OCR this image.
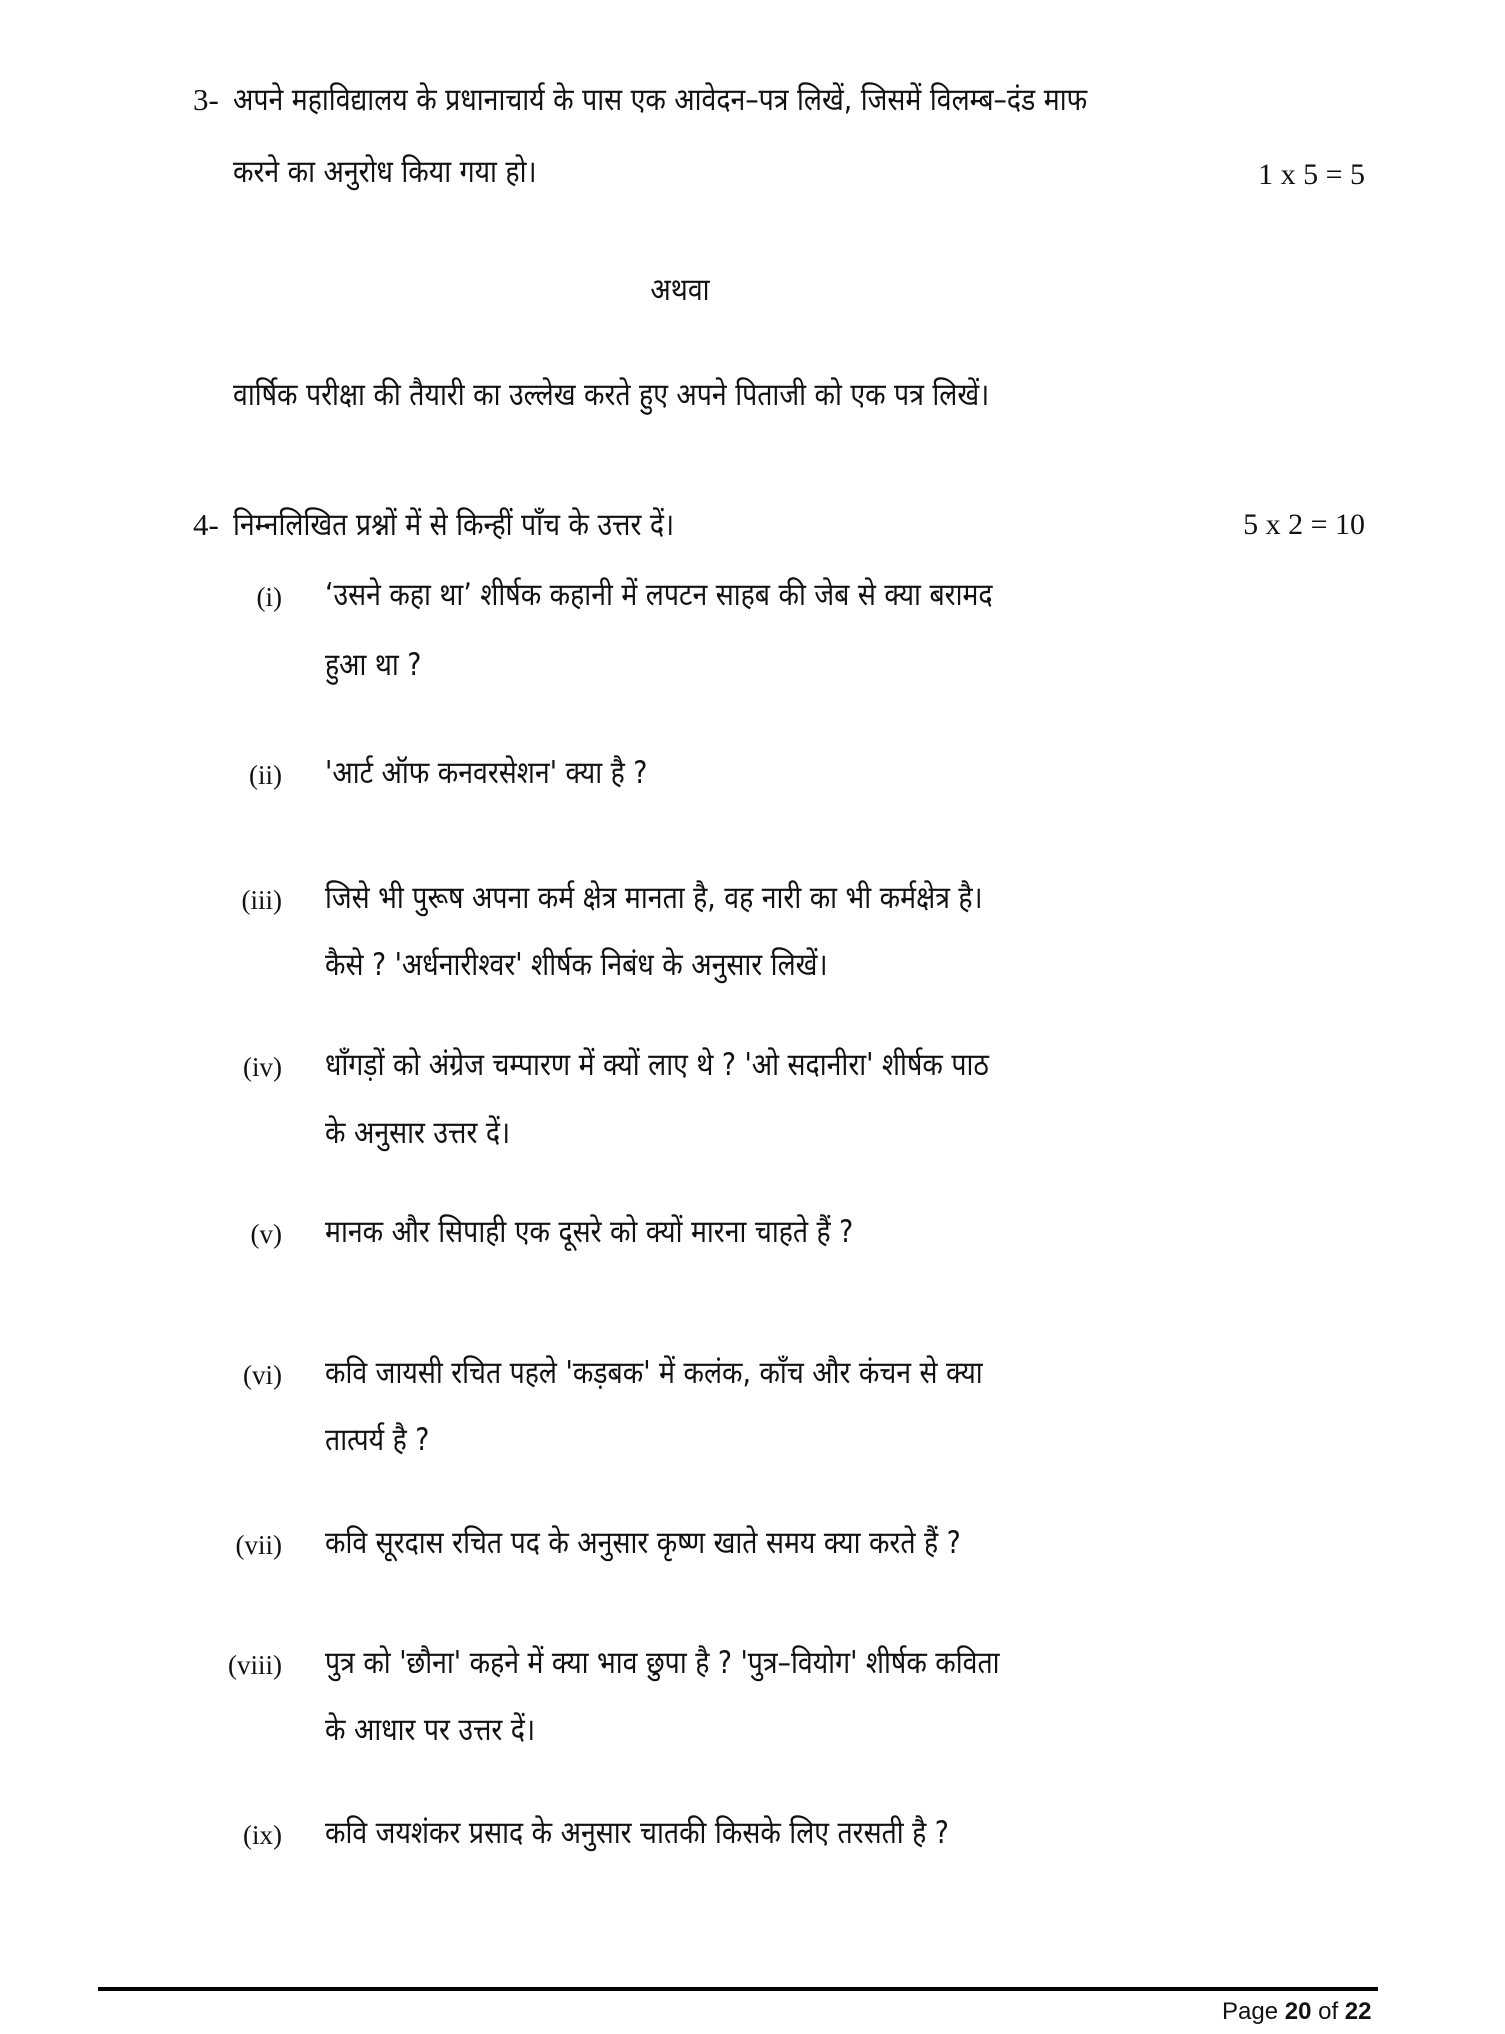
3- अपने महाविद्यालय के प्रधानाचार्य के पास एक आवेदन–पत्र लिखें, जिसमें विलम्ब–दंड माफ
करने का अनुरोध किया गया हो।	1 x 5 = 5
अथवा
वार्षिक परीक्षा की तैयारी का उल्लेख करते हुए अपने पिताजी को एक पत्र लिखें।
4- निम्नलिखित प्रश्नों में से किन्हीं पाँच के उत्तर दें।	5 x 2 = 10
(i) ‘उसने कहा था’ शीर्षक कहानी में लपटन साहब की जेब से क्या बरामद
हुआ था ?
(ii) 'आर्ट ऑफ कनवरसेशन' क्या है ?
(iii) जिसे भी पुरूष अपना कर्म क्षेत्र मानता है, वह नारी का भी कर्मक्षेत्र है।
कैसे ? 'अर्धनारीश्वर' शीर्षक निबंध के अनुसार लिखें।
(iv) धाँगड़ों को अंग्रेज चम्पारण में क्यों लाए थे ? 'ओ सदानीरा' शीर्षक पाठ
के अनुसार उत्तर दें।
(v) मानक और सिपाही एक दूसरे को क्यों मारना चाहते हैं ?
(vi) कवि जायसी रचित पहले 'कड़बक' में कलंक, काँच और कंचन से क्या
तात्पर्य है ?
(vii) कवि सूरदास रचित पद के अनुसार कृष्ण खाते समय क्या करते हैं ?
(viii) पुत्र को 'छौना' कहने में क्या भाव छुपा है ? 'पुत्र–वियोग' शीर्षक कविता
के आधार पर उत्तर दें।
(ix) कवि जयशंकर प्रसाद के अनुसार चातकी किसके लिए तरसती है ?
Page 20 of 22
